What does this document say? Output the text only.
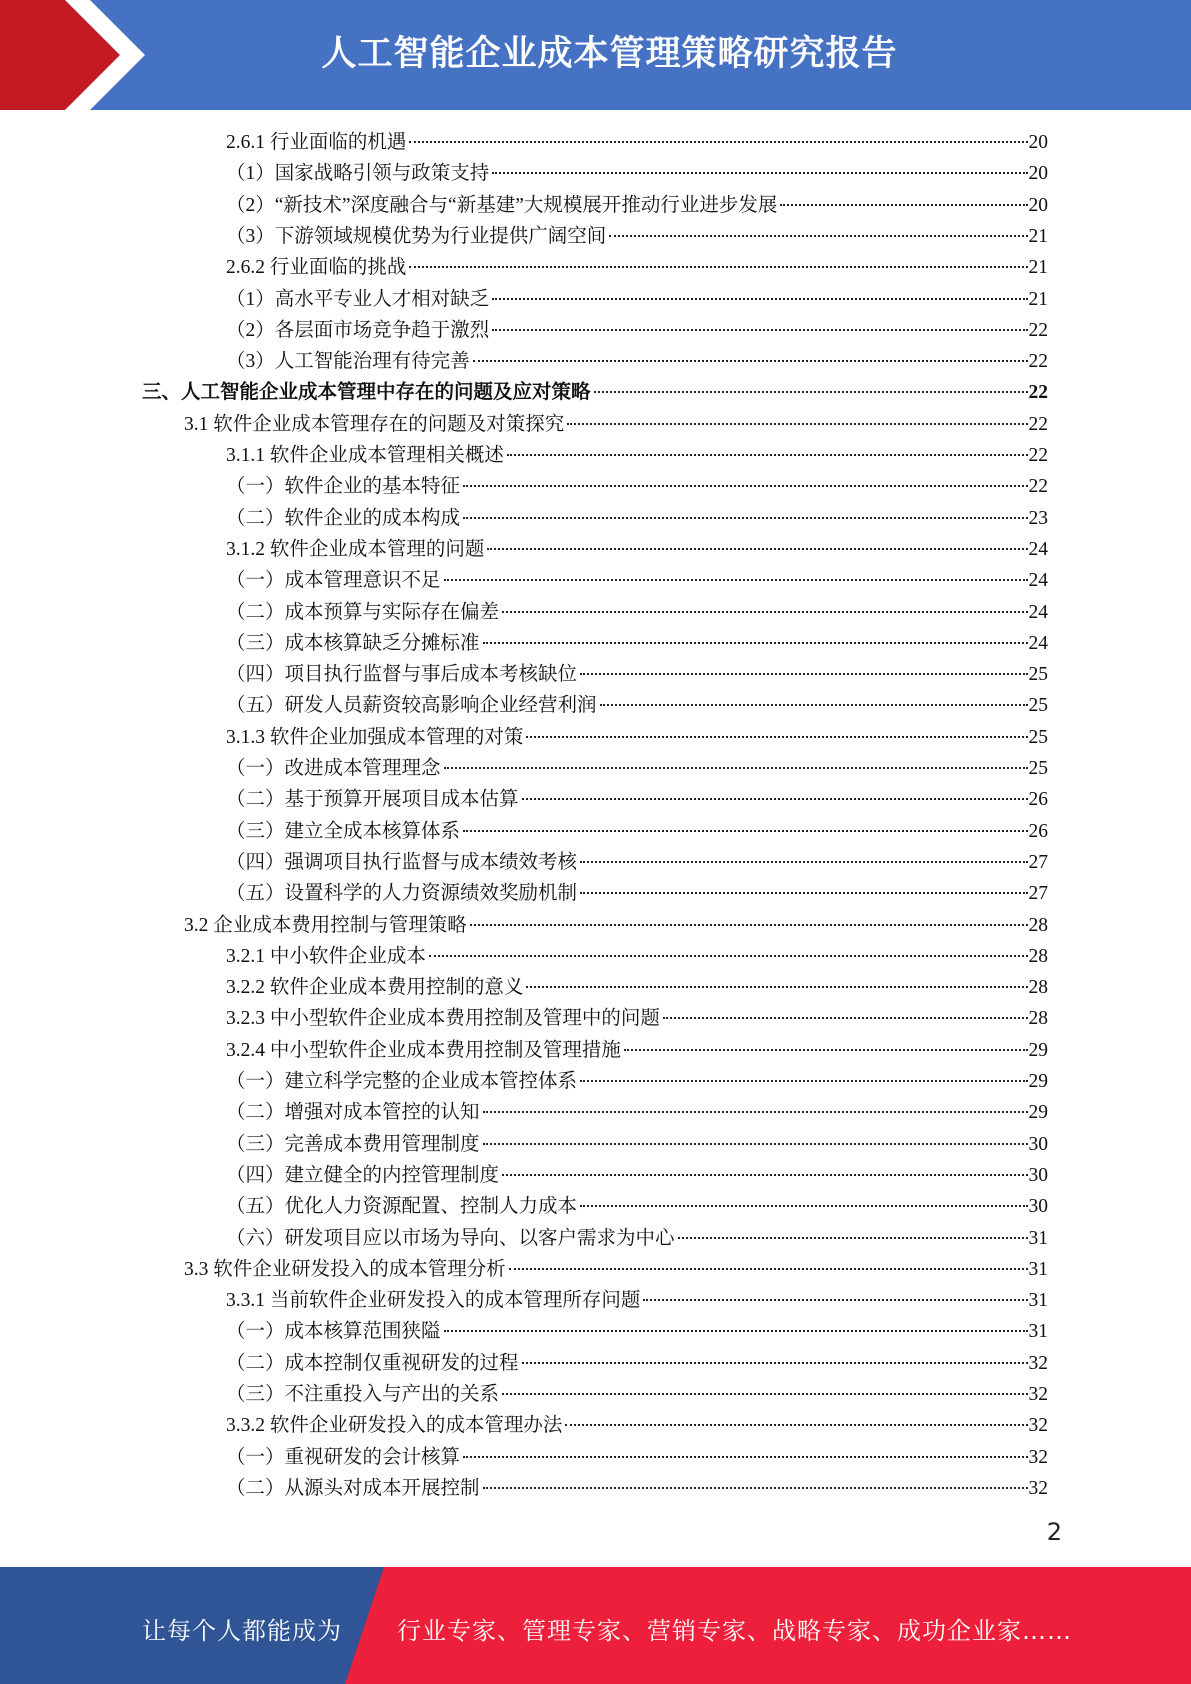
人工智能企业成本管理策略研究报告
2.6.1 行业面临的机遇	20
（1）国家战略引领与政策支持	20
（2）“新技术”深度融合与“新基建”大规模展开推动行业进步发展	20
（3）下游领域规模优势为行业提供广阔空间	21
2.6.2 行业面临的挑战	21
（1）高水平专业人才相对缺乏	21
（2）各层面市场竞争趋于激烈	22
（3）人工智能治理有待完善	22
三、人工智能企业成本管理中存在的问题及应对策略	22
3.1 软件企业成本管理存在的问题及对策探究	22
3.1.1 软件企业成本管理相关概述	22
（一）软件企业的基本特征	22
（二）软件企业的成本构成	23
3.1.2 软件企业成本管理的问题	24
（一）成本管理意识不足	24
（二）成本预算与实际存在偏差	24
（三）成本核算缺乏分摊标准	24
（四）项目执行监督与事后成本考核缺位	25
（五）研发人员薪资较高影响企业经营利润	25
3.1.3 软件企业加强成本管理的对策	25
（一）改进成本管理理念	25
（二）基于预算开展项目成本估算	26
（三）建立全成本核算体系	26
（四）强调项目执行监督与成本绩效考核	27
（五）设置科学的人力资源绩效奖励机制	27
3.2 企业成本费用控制与管理策略	28
3.2.1 中小软件企业成本	28
3.2.2 软件企业成本费用控制的意义	28
3.2.3 中小型软件企业成本费用控制及管理中的问题	28
3.2.4 中小型软件企业成本费用控制及管理措施	29
（一）建立科学完整的企业成本管控体系	29
（二）增强对成本管控的认知	29
（三）完善成本费用管理制度	30
（四）建立健全的内控管理制度	30
（五）优化人力资源配置、控制人力成本	30
（六）研发项目应以市场为导向、以客户需求为中心	31
3.3 软件企业研发投入的成本管理分析	31
3.3.1 当前软件企业研发投入的成本管理所存问题	31
（一）成本核算范围狭隘	31
（二）成本控制仅重视研发的过程	32
（三）不注重投入与产出的关系	32
3.3.2 软件企业研发投入的成本管理办法	32
（一）重视研发的会计核算	32
（二）从源头对成本开展控制	32
2
让每个人都能成为 行业专家、管理专家、营销专家、战略专家、成功企业家……
